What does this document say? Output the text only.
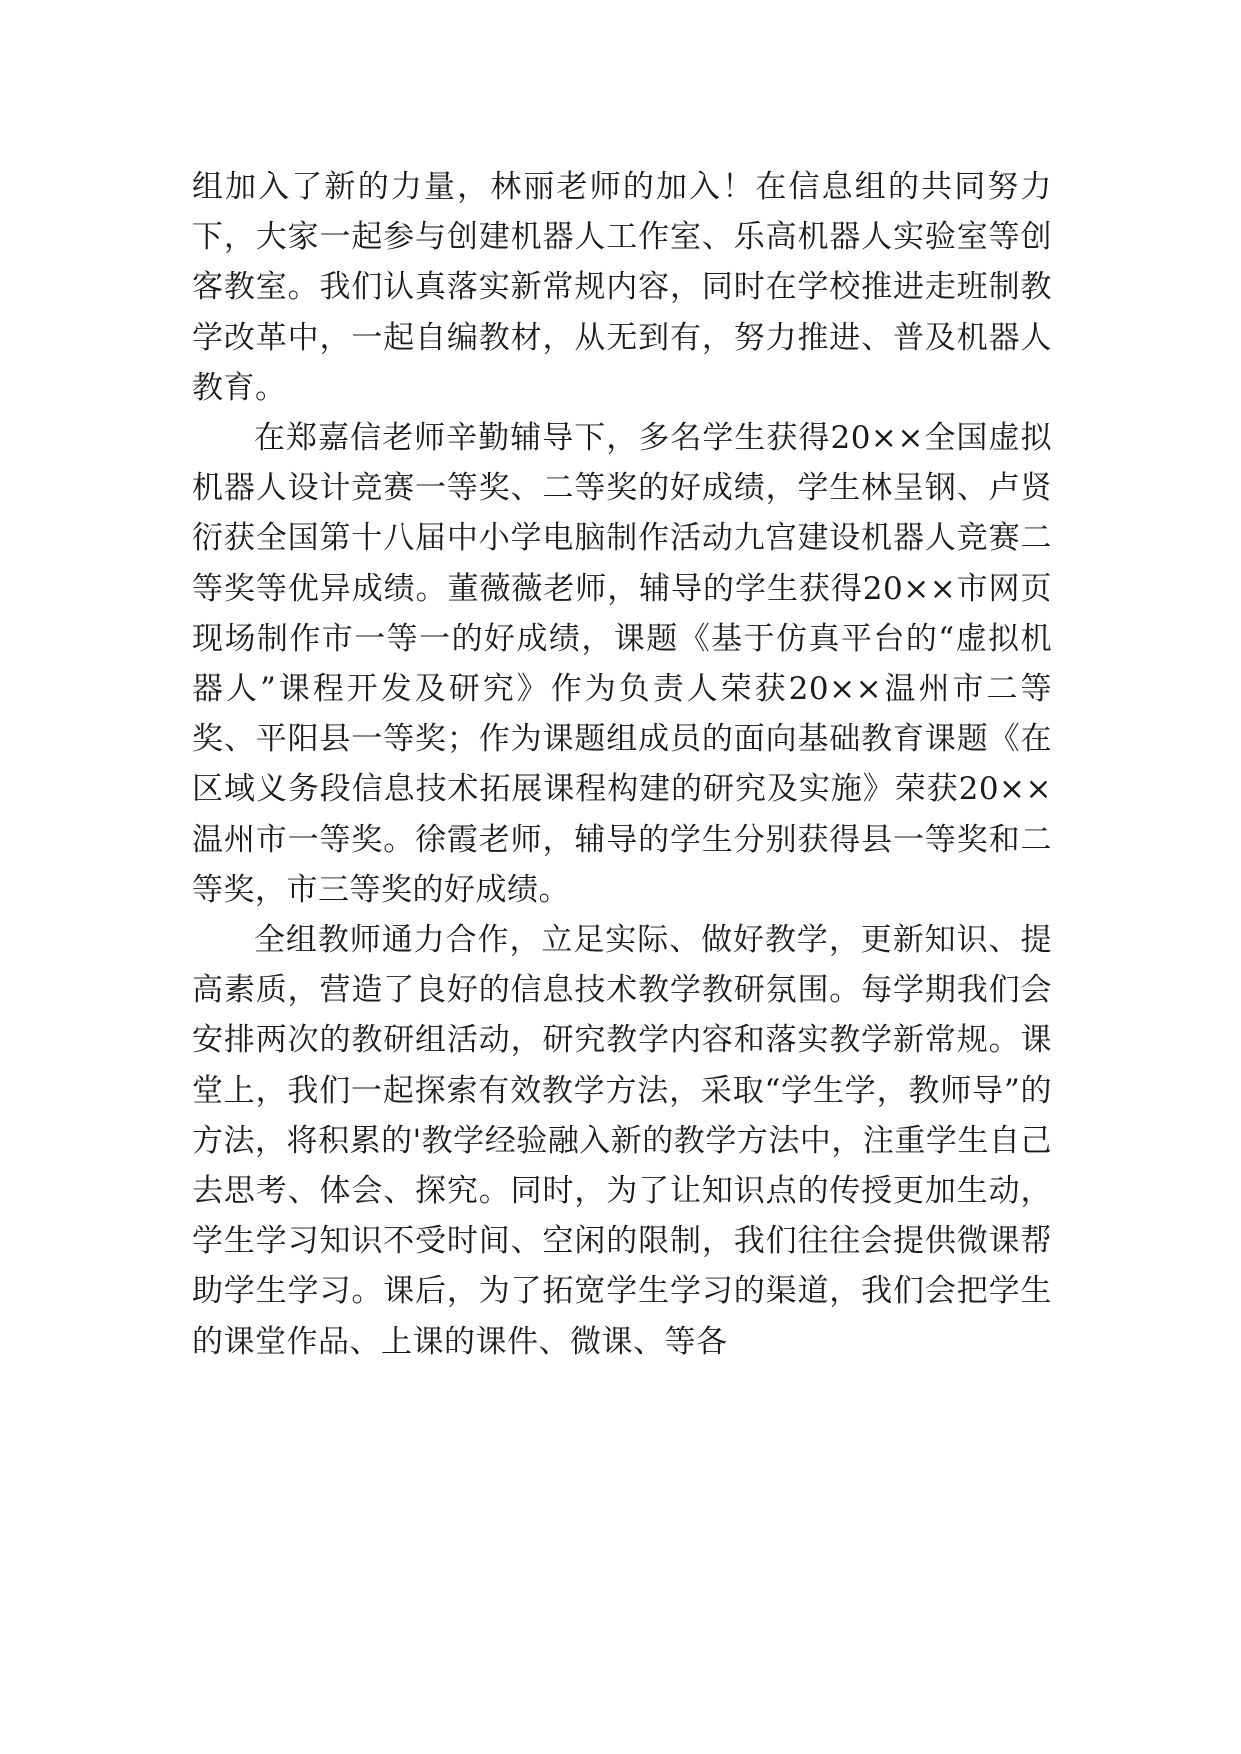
组加入了新的力量，林丽老师的加入！在信息组的共同努力下，大家一起参与创建机器人工作室、乐高机器人实验室等创客教室。我们认真落实新常规内容，同时在学校推进走班制教学改革中，一起自编教材，从无到有，努力推进、普及机器人教育。

在郑嘉信老师辛勤辅导下，多名学生获得20××全国虚拟机器人设计竞赛一等奖、二等奖的好成绩，学生林呈钢、卢贤衍获全国第十八届中小学电脑制作活动九宫建设机器人竞赛二等奖等优异成绩。董薇薇老师，辅导的学生获得20××市网页现场制作市一等一的好成绩，课题《基于仿真平台的“虚拟机器人”课程开发及研究》作为负责人荣获20××温州市二等奖、平阳县一等奖；作为课题组成员的面向基础教育课题《在区域义务段信息技术拓展课程构建的研究及实施》荣获20××温州市一等奖。徐霞老师，辅导的学生分别获得县一等奖和二等奖，市三等奖的好成绩。

全组教师通力合作，立足实际、做好教学，更新知识、提高素质，营造了良好的信息技术教学教研氛围。每学期我们会安排两次的教研组活动，研究教学内容和落实教学新常规。课堂上，我们一起探索有效教学方法，采取“学生学，教师导”的方法，将积累的'教学经验融入新的教学方法中，注重学生自己去思考、体会、探究。同时，为了让知识点的传授更加生动，学生学习知识不受时间、空闲的限制，我们往往会提供微课帮助学生学习。课后，为了拓宽学生学习的渠道，我们会把学生的课堂作品、上课的课件、微课、等各
